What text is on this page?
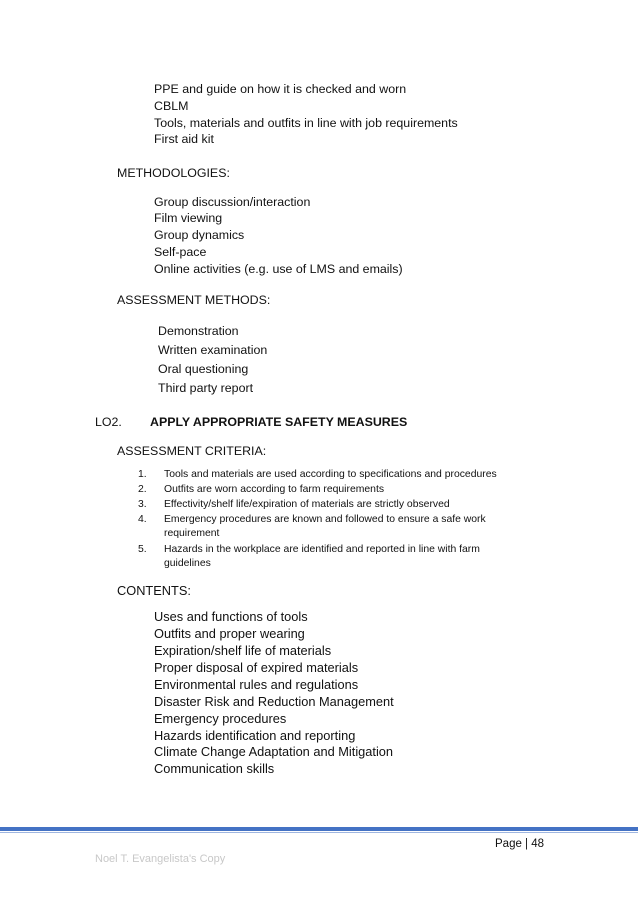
PPE and guide on how it is checked and worn
CBLM
Tools, materials and outfits in line with job requirements
First aid kit
METHODOLOGIES:
Group discussion/interaction
Film viewing
Group dynamics
Self-pace
Online activities (e.g. use of LMS and emails)
ASSESSMENT METHODS:
Demonstration
Written examination
Oral questioning
Third party report
LO2. APPLY APPROPRIATE SAFETY MEASURES
ASSESSMENT CRITERIA:
1. Tools and materials are used according to specifications and procedures
2. Outfits are worn according to farm requirements
3. Effectivity/shelf life/expiration of materials are strictly observed
4. Emergency procedures are known and followed to ensure a safe work requirement
5. Hazards in the workplace are identified and reported in line with farm guidelines
CONTENTS:
Uses and functions of tools
Outfits and proper wearing
Expiration/shelf life of materials
Proper disposal of expired materials
Environmental rules and regulations
Disaster Risk and Reduction Management
Emergency procedures
Hazards identification and reporting
Climate Change Adaptation and Mitigation
Communication skills
Page | 48
Noel T. Evangelista's Copy
